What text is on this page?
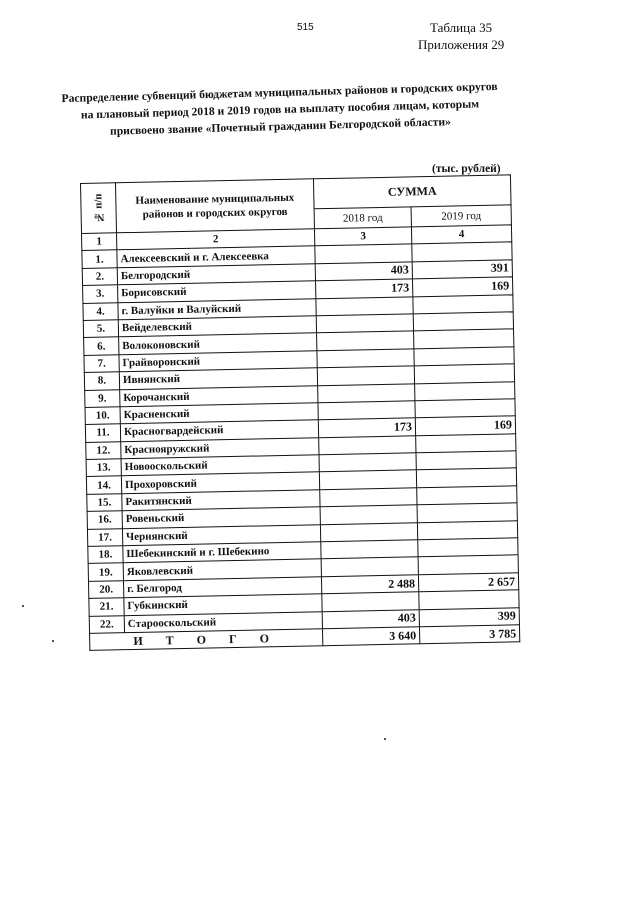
515	Таблица 35
Приложения 29
Распределение субвенций бюджетам муниципальных районов и городских округов на плановый период 2018 и 2019 годов на выплату пособия лицам, которым присвоено звание «Почетный гражданин Белгородской области»
(тыс. рублей)
№ п/п	Наименование муниципальных районов и городских округов	СУММА	
		2018 год	2019 год
1	2	3	4
1.	Алексеевский и г. Алексеевка		
2.	Белгородский	403	391
3.	Борисовский	173	169
4.	г. Валуйки и Валуйский		
5.	Вейделевский		
6.	Волоконовский		
7.	Грайворонский		
8.	Ивнянский		
9.	Корочанский		
10.	Красненский		
11.	Красногвардейский	173	169
12.	Краснояружский		
13.	Новооскольский		
14.	Прохоровский		
15.	Ракитянский		
16.	Ровеньский		
17.	Чернянский		
18.	Шебекинский и г. Шебекино		
19.	Яковлевский		
20.	г. Белгород	2 488	2 657
21.	Губкинский		
22.	Старооскольский	403	399
И Т О Г О		3 640	3 785
